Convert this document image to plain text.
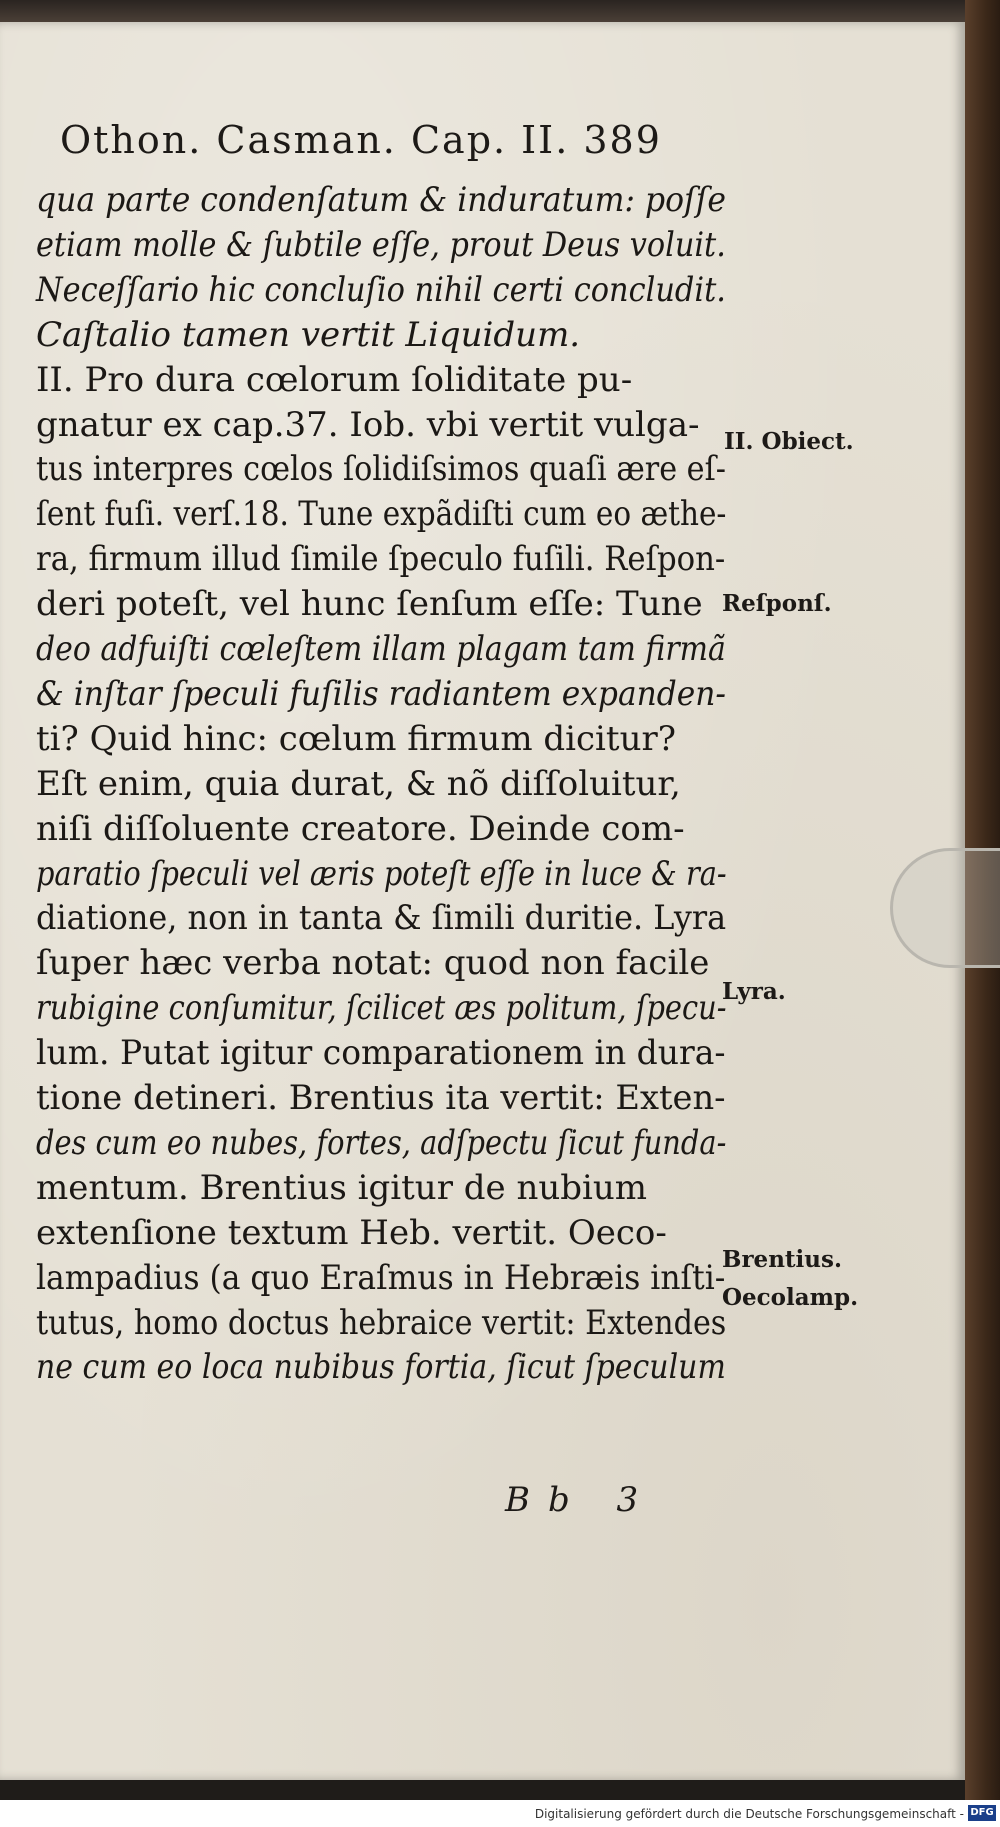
Othon. Casman. Cap. II. 389
qua parte condenſatum & induratum: poſſe
etiam molle & ſubtile eſſe, prout Deus voluit.
Neceſſario hic concluſio nihil certi concludit.
Caſtalio tamen vertit Liquidum.
II. Pro dura cœlorum ſoliditate pu-
gnatur ex cap.37. Iob. vbi vertit vulga-
tus interpres cœlos ſolidiſsimos quaſi ære eſ-
ſent fuſi. verſ.18. Tune expãdiſti cum eo æthe-
ra, firmum illud ſimile ſpeculo fuſili. Reſpon-
deri poteſt, vel hunc ſenſum eſſe: Tune
deo adfuiſti cœleſtem illam plagam tam firmã
& inſtar ſpeculi fuſilis radiantem expanden-
ti? Quid hinc: cœlum firmum dicitur?
Eſt enim, quia durat, & nõ diſſoluitur,
niſi diſſoluente creatore. Deinde com-
paratio ſpeculi vel æris poteſt eſſe in luce & ra-
diatione, non in tanta & ſimili duritie. Lyra
ſuper hæc verba notat: quod non facile
rubigine conſumitur, ſcilicet æs politum, ſpecu-
lum. Putat igitur comparationem in dura-
tione detineri. Brentius ita vertit: Exten-
des cum eo nubes, fortes, adſpectu ſicut funda-
mentum. Brentius igitur de nubium
extenſione textum Heb. vertit. Oeco-
lampadius (a quo Eraſmus in Hebræis inſti-
tutus, homo doctus hebraice vertit: Extendes
ne cum eo loca nubibus fortia, ſicut ſpeculum
II. Obiect.
Reſponſ.
Lyra.
Brentius.
Oecolamp.
Bb 3
Digitalisierung gefördert durch die Deutsche Forschungsgemeinschaft - DFG
